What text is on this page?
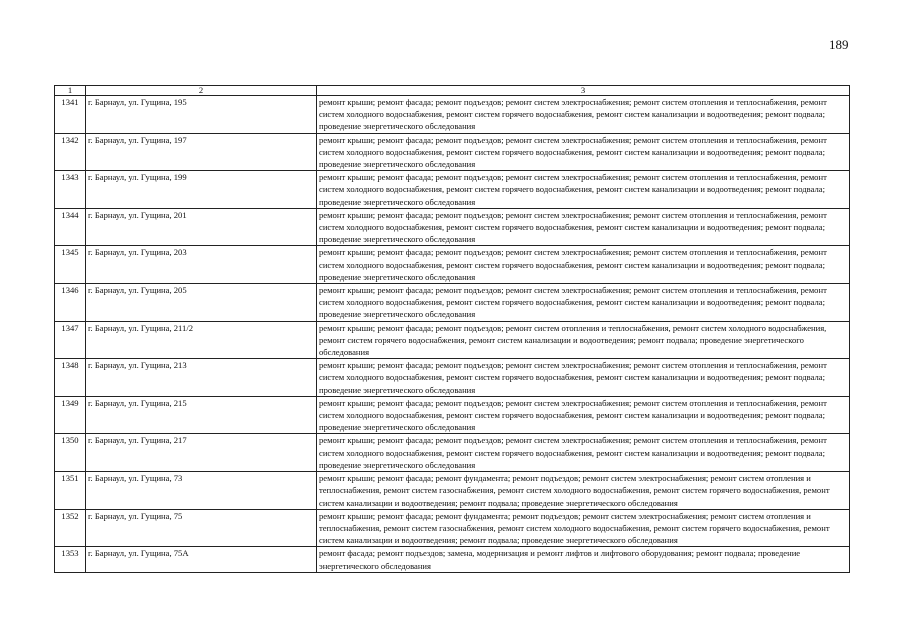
189
1	2	3
1341	г. Барнаул, ул. Гущина, 195	ремонт крыши; ремонт фасада; ремонт подъездов; ремонт систем электроснабжения; ремонт систем отопления и теплоснабжения, ремонт систем холодного водоснабжения, ремонт систем горячего водоснабжения, ремонт систем канализации и водоотведения; ремонт подвала; проведение энергетического обследования
1342	г. Барнаул, ул. Гущина, 197	ремонт крыши; ремонт фасада; ремонт подъездов; ремонт систем электроснабжения; ремонт систем отопления и теплоснабжения, ремонт систем холодного водоснабжения, ремонт систем горячего водоснабжения, ремонт систем канализации и водоотведения; ремонт подвала; проведение энергетического обследования
1343	г. Барнаул, ул. Гущина, 199	ремонт крыши; ремонт фасада; ремонт подъездов; ремонт систем электроснабжения; ремонт систем отопления и теплоснабжения, ремонт систем холодного водоснабжения, ремонт систем горячего водоснабжения, ремонт систем канализации и водоотведения; ремонт подвала; проведение энергетического обследования
1344	г. Барнаул, ул. Гущина, 201	ремонт крыши; ремонт фасада; ремонт подъездов; ремонт систем электроснабжения; ремонт систем отопления и теплоснабжения, ремонт систем холодного водоснабжения, ремонт систем горячего водоснабжения, ремонт систем канализации и водоотведения; ремонт подвала; проведение энергетического обследования
1345	г. Барнаул, ул. Гущина, 203	ремонт крыши; ремонт фасада; ремонт подъездов; ремонт систем электроснабжения; ремонт систем отопления и теплоснабжения, ремонт систем холодного водоснабжения, ремонт систем горячего водоснабжения, ремонт систем канализации и водоотведения; ремонт подвала; проведение энергетического обследования
1346	г. Барнаул, ул. Гущина, 205	ремонт крыши; ремонт фасада; ремонт подъездов; ремонт систем электроснабжения; ремонт систем отопления и теплоснабжения, ремонт систем холодного водоснабжения, ремонт систем горячего водоснабжения, ремонт систем канализации и водоотведения; ремонт подвала; проведение энергетического обследования
1347	г. Барнаул, ул. Гущина, 211/2	ремонт крыши; ремонт фасада; ремонт подъездов; ремонт систем отопления и теплоснабжения, ремонт систем холодного водоснабжения, ремонт систем горячего водоснабжения, ремонт систем канализации и водоотведения; ремонт подвала; проведение энергетического обследования
1348	г. Барнаул, ул. Гущина, 213	ремонт крыши; ремонт фасада; ремонт подъездов; ремонт систем электроснабжения; ремонт систем отопления и теплоснабжения, ремонт систем холодного водоснабжения, ремонт систем горячего водоснабжения, ремонт систем канализации и водоотведения; ремонт подвала; проведение энергетического обследования
1349	г. Барнаул, ул. Гущина, 215	ремонт крыши; ремонт фасада; ремонт подъездов; ремонт систем электроснабжения; ремонт систем отопления и теплоснабжения, ремонт систем холодного водоснабжения, ремонт систем горячего водоснабжения, ремонт систем канализации и водоотведения; ремонт подвала; проведение энергетического обследования
1350	г. Барнаул, ул. Гущина, 217	ремонт крыши; ремонт фасада; ремонт подъездов; ремонт систем электроснабжения; ремонт систем отопления и теплоснабжения, ремонт систем холодного водоснабжения, ремонт систем горячего водоснабжения, ремонт систем канализации и водоотведения; ремонт подвала; проведение энергетического обследования
1351	г. Барнаул, ул. Гущина, 73	ремонт крыши; ремонт фасада; ремонт фундамента; ремонт подъездов; ремонт систем электроснабжения; ремонт систем отопления и теплоснабжения, ремонт систем газоснабжения, ремонт систем холодного водоснабжения, ремонт систем горячего водоснабжения, ремонт систем канализации и водоотведения; ремонт подвала; проведение энергетического обследования
1352	г. Барнаул, ул. Гущина, 75	ремонт крыши; ремонт фасада; ремонт фундамента; ремонт подъездов; ремонт систем электроснабжения; ремонт систем отопления и теплоснабжения, ремонт систем газоснабжения, ремонт систем холодного водоснабжения, ремонт систем горячего водоснабжения, ремонт систем канализации и водоотведения; ремонт подвала; проведение энергетического обследования
1353	г. Барнаул, ул. Гущина, 75А	ремонт фасада; ремонт подъездов; замена, модернизация и ремонт лифтов и лифтового оборудования; ремонт подвала; проведение энергетического обследования
